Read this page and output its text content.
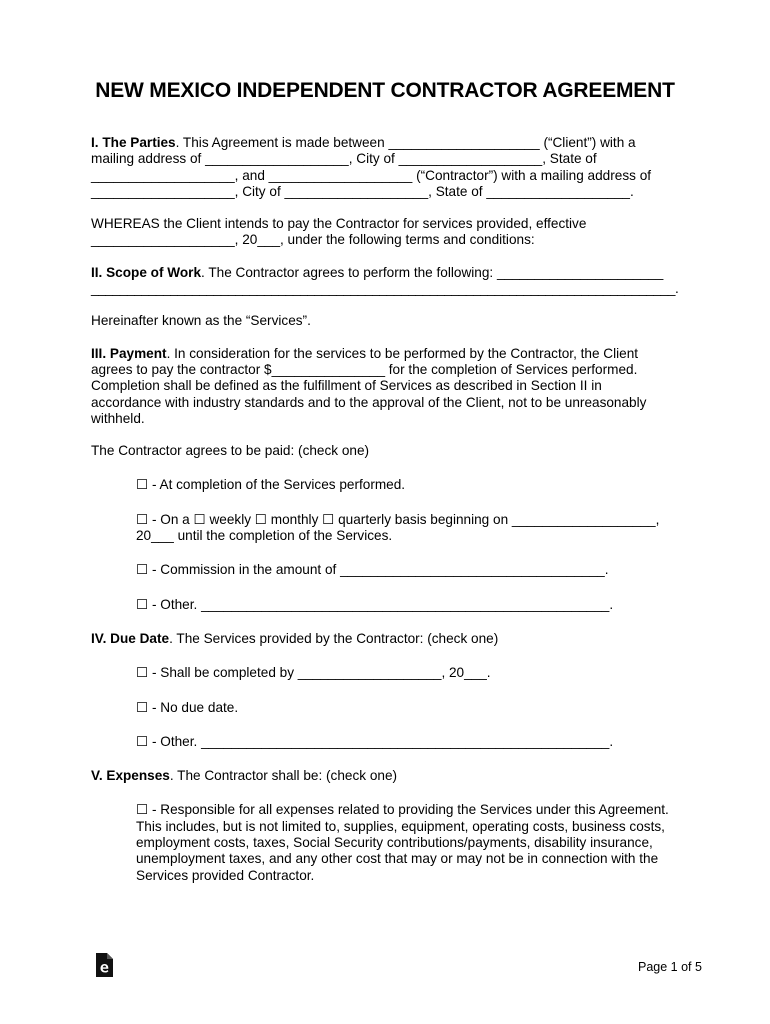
NEW MEXICO INDEPENDENT CONTRACTOR AGREEMENT
I. The Parties. This Agreement is made between ____________________ (“Client”) with a
mailing address of ___________________, City of ___________________, State of
___________________, and ___________________ (“Contractor”) with a mailing address of
___________________, City of ___________________, State of ___________________.
WHEREAS the Client intends to pay the Contractor for services provided, effective
___________________, 20___, under the following terms and conditions:
II. Scope of Work. The Contractor agrees to perform the following: ______________________
_________________________________________________________________________________.
Hereinafter known as the “Services”.
III. Payment. In consideration for the services to be performed by the Contractor, the Client
agrees to pay the contractor $_______________ for the completion of Services performed.
Completion shall be defined as the fulfillment of Services as described in Section II in
accordance with industry standards and to the approval of the Client, not to be unreasonably
withheld.
The Contractor agrees to be paid: (check one)
☐ - At completion of the Services performed.
☐ - On a ☐ weekly ☐ monthly ☐ quarterly basis beginning on ___________________,
20___ until the completion of the Services.
☐ - Commission in the amount of ___________________________________.
☐ - Other. ______________________________________________________.
IV. Due Date. The Services provided by the Contractor: (check one)
☐ - Shall be completed by ___________________, 20___.
☐ - No due date.
☐ - Other. ______________________________________________________.
V. Expenses. The Contractor shall be: (check one)
☐ - Responsible for all expenses related to providing the Services under this Agreement.
This includes, but is not limited to, supplies, equipment, operating costs, business costs,
employment costs, taxes, Social Security contributions/payments, disability insurance,
unemployment taxes, and any other cost that may or may not be in connection with the
Services provided Contractor.
Page 1 of 5
